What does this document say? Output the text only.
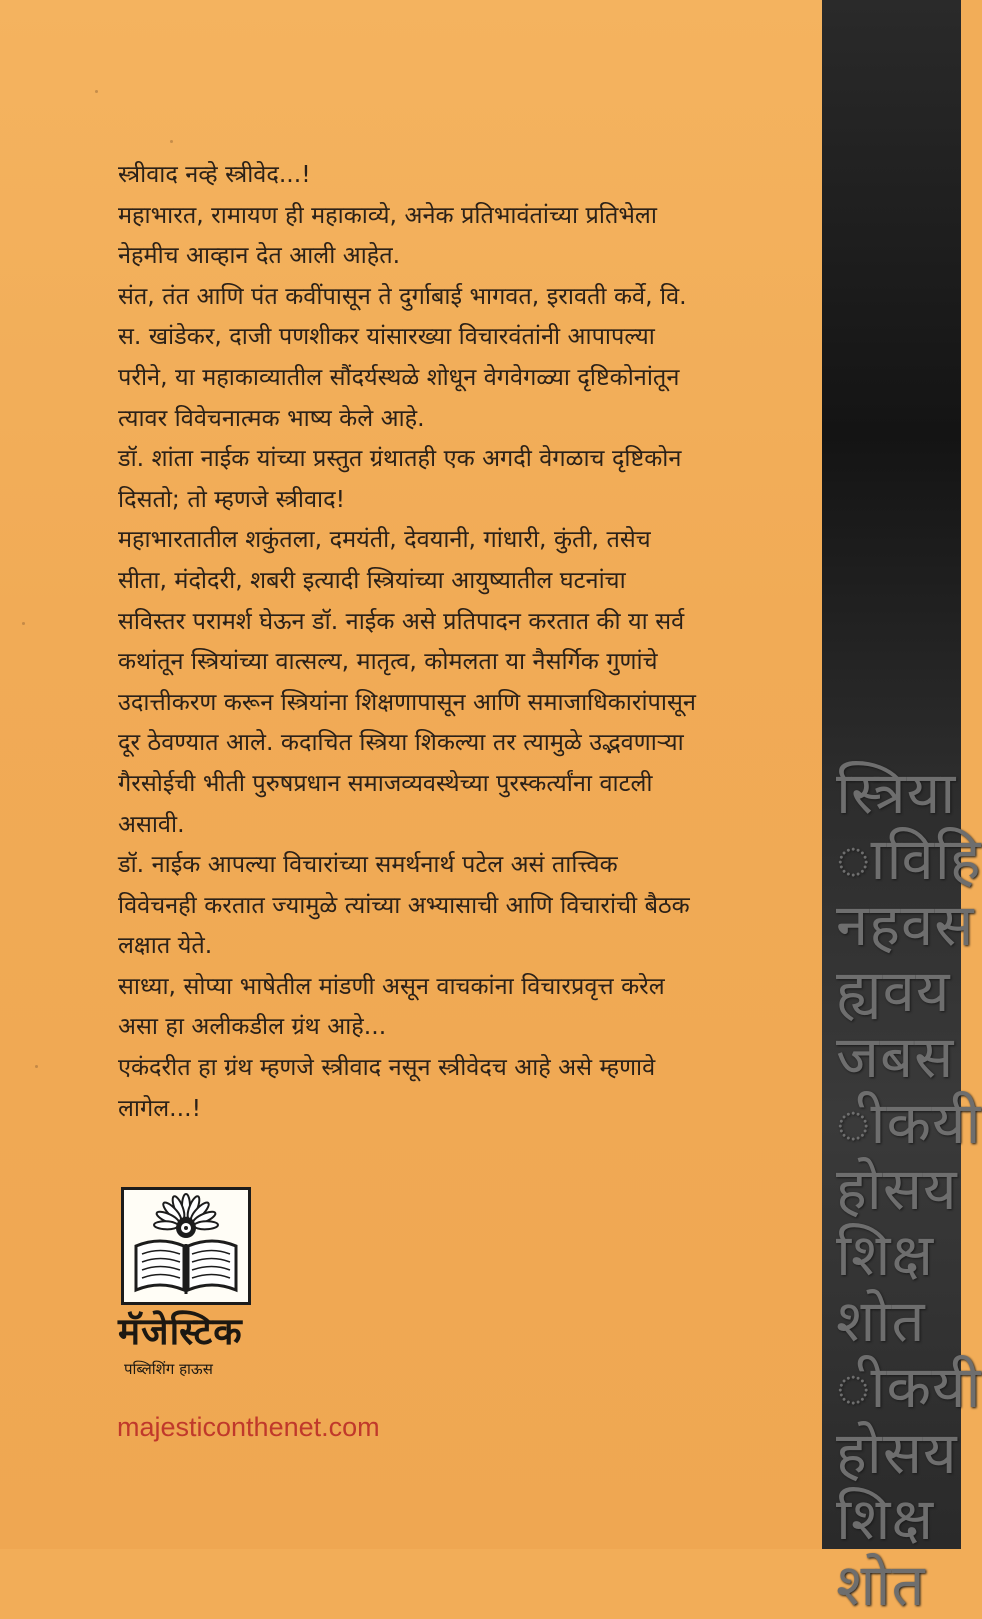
स्त्रीवाद नव्हे स्त्रीवेद...!

महाभारत, रामायण ही महाकाव्ये, अनेक प्रतिभावंतांच्या प्रतिभेला

नेहमीच आव्हान देत आली आहेत.

संत, तंत आणि पंत कवींपासून ते दुर्गाबाई भागवत, इरावती कर्वे, वि.

स. खांडेकर, दाजी पणशीकर यांसारख्या विचारवंतांनी आपापल्या

परीने, या महाकाव्यातील सौंदर्यस्थळे शोधून वेगवेगळ्या दृष्टिकोनांतून

त्यावर विवेचनात्मक भाष्य केले आहे.

डॉ. शांता नाईक यांच्या प्रस्तुत ग्रंथातही एक अगदी वेगळाच दृष्टिकोन

दिसतो; तो म्हणजे स्त्रीवाद!

महाभारतातील शकुंतला, दमयंती, देवयानी, गांधारी, कुंती, तसेच

सीता, मंदोदरी, शबरी इत्यादी स्त्रियांच्या आयुष्यातील घटनांचा

सविस्तर परामर्श घेऊन डॉ. नाईक असे प्रतिपादन करतात की या सर्व

कथांतून स्त्रियांच्या वात्सल्य, मातृत्व, कोमलता या नैसर्गिक गुणांचे

उदात्तीकरण करून स्त्रियांना शिक्षणापासून आणि समाजाधिकारांपासून

दूर ठेवण्यात आले. कदाचित स्त्रिया शिकल्या तर त्यामुळे उद्भवणाऱ्या

गैरसोईची भीती पुरुषप्रधान समाजव्यवस्थेच्या पुरस्कर्त्यांना वाटली

असावी.

डॉ. नाईक आपल्या विचारांच्या समर्थनार्थ पटेल असं तात्त्विक

विवेचनही करतात ज्यामुळे त्यांच्या अभ्यासाची आणि विचारांची बैठक

लक्षात येते.

साध्या, सोप्या भाषेतील मांडणी असून वाचकांना विचारप्रवृत्त करेल

असा हा अलीकडील ग्रंथ आहे...

एकंदरीत हा ग्रंथ म्हणजे स्त्रीवाद नसून स्त्रीवेदच आहे असे म्हणावे

लागेल...!

मॅजेस्टिक
पब्लिशिंग हाऊस
majesticonthenet.com
स्त्रिया
ाविहि
नहवस
ह्यवय
जबस
ीकयी
होसय
शिक्ष
शोत
ीकयी
होसय
शिक्ष
शोत
